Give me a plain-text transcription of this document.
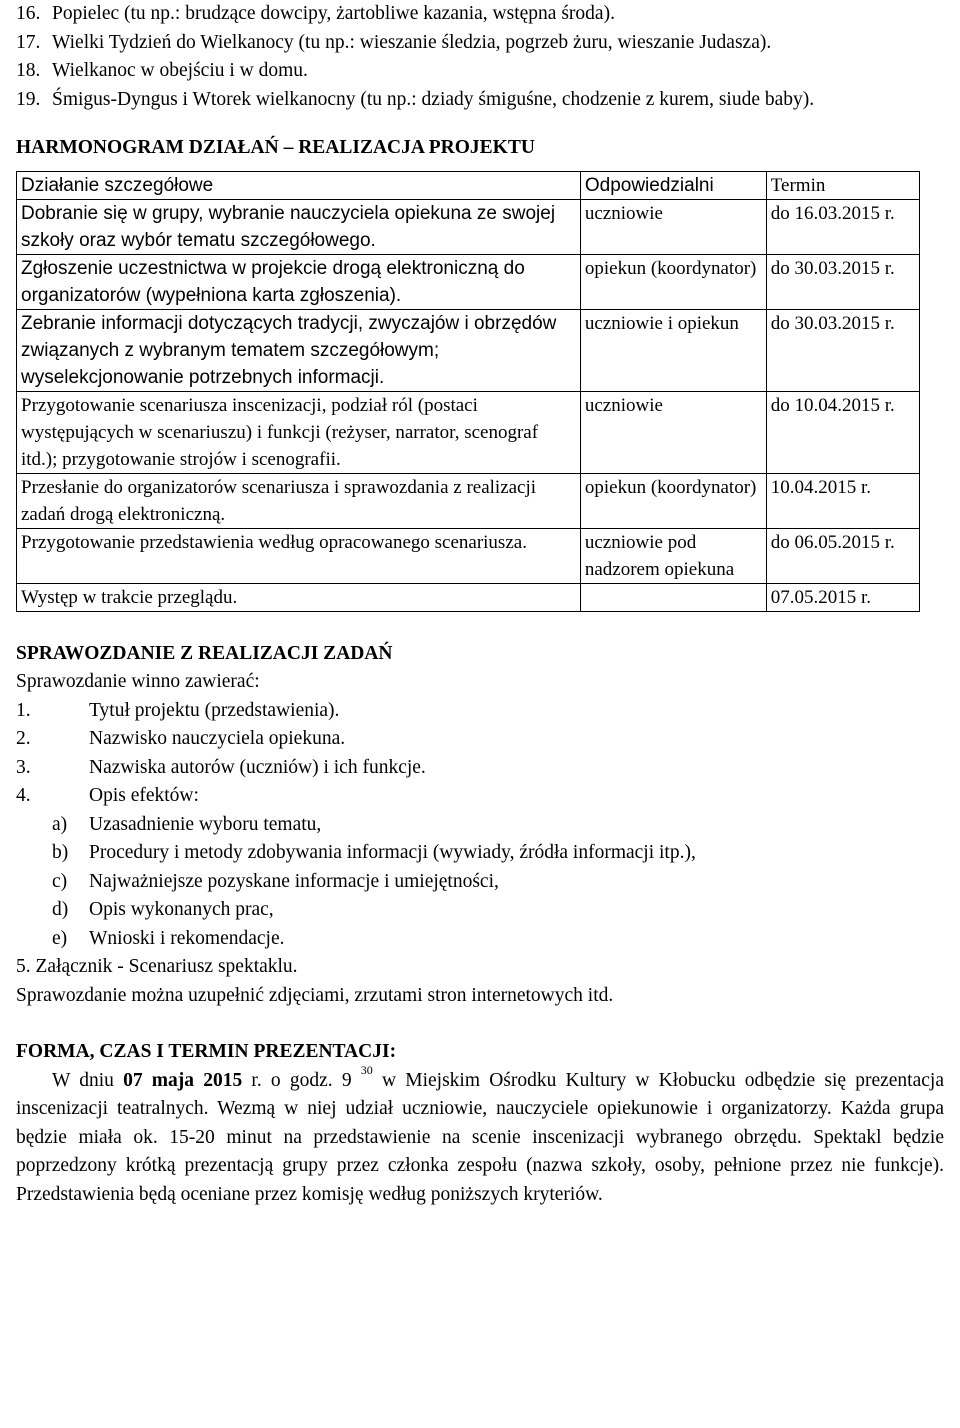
16. Popielec (tu np.: brudzące dowcipy, żartobliwe kazania, wstępna środa).
17. Wielki Tydzień do Wielkanocy (tu np.: wieszanie śledzia, pogrzeb żuru, wieszanie Judasza).
18. Wielkanoc w obejściu i w domu.
19. Śmigus-Dyngus i Wtorek wielkanocny (tu np.: dziady śmiguśne, chodzenie z kurem, siude baby).

HARMONOGRAM DZIAŁAŃ – REALIZACJA PROJEKTU

Działanie szczegółowe	Odpowiedzialni	Termin
Dobranie się w grupy, wybranie nauczyciela opiekuna ze swojej szkoły oraz wybór tematu szczegółowego.	uczniowie	do 16.03.2015 r.
Zgłoszenie uczestnictwa w projekcie drogą elektroniczną do organizatorów (wypełniona karta zgłoszenia).	opiekun (koordynator)	do 30.03.2015 r.
Zebranie informacji dotyczących tradycji, zwyczajów i obrzędów związanych z wybranym tematem szczegółowym; wyselekcjonowanie potrzebnych informacji.	uczniowie i opiekun	do 30.03.2015 r.
Przygotowanie scenariusza inscenizacji, podział ról (postaci występujących w scenariuszu) i funkcji (reżyser, narrator, scenograf itd.); przygotowanie strojów i scenografii.	uczniowie	do 10.04.2015 r.
Przesłanie do organizatorów scenariusza i sprawozdania z realizacji zadań drogą elektroniczną.	opiekun (koordynator)	10.04.2015 r.
Przygotowanie przedstawienia według opracowanego scenariusza.	uczniowie pod nadzorem opiekuna	do 06.05.2015 r.
Występ w trakcie przeglądu.		07.05.2015 r.

SPRAWOZDANIE Z REALIZACJI ZADAŃ

Sprawozdanie winno zawierać:
1.	Tytuł projektu (przedstawienia).
2.	Nazwisko nauczyciela opiekuna.
3.	Nazwiska autorów (uczniów) i ich funkcje.
4.	Opis efektów:
a) Uzasadnienie wyboru tematu,
b) Procedury i metody zdobywania informacji (wywiady, źródła informacji itp.),
c) Najważniejsze pozyskane informacje i umiejętności,
d) Opis wykonanych prac,
e) Wnioski i rekomendacje.
5. Załącznik - Scenariusz spektaklu.
Sprawozdanie można uzupełnić zdjęciami, zrzutami stron internetowych itd.

FORMA, CZAS I TERMIN PREZENTACJI:

W dniu 07 maja 2015 r. o godz. 9 $^{30}$ w Miejskim Ośrodku Kultury w Kłobucku odbędzie się prezentacja inscenizacji teatralnych. Wezmą w niej udział uczniowie, nauczyciele opiekunowie i organizatorzy. Każda grupa będzie miała ok. 15-20 minut na przedstawienie na scenie inscenizacji wybranego obrzędu. Spektakl będzie poprzedzony krótką prezentacją grupy przez członka zespołu (nazwa szkoły, osoby, pełnione przez nie funkcje). Przedstawienia będą oceniane przez komisję według poniższych kryteriów.
